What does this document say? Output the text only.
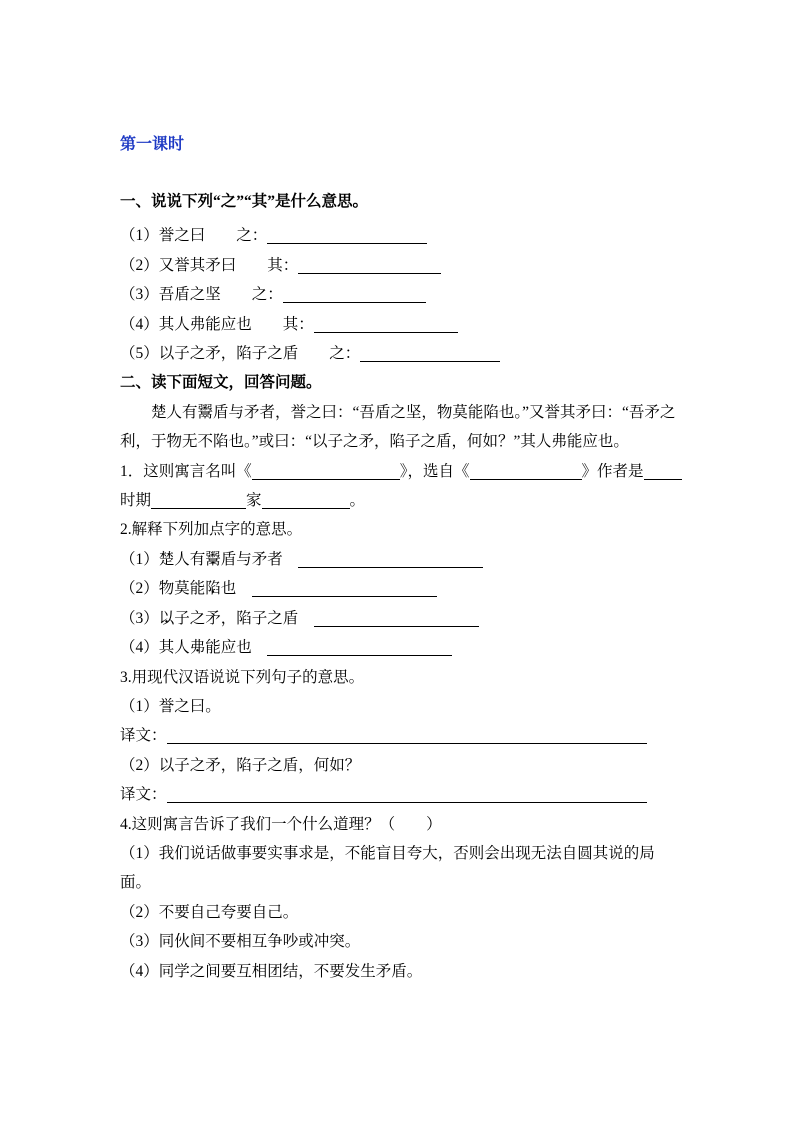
第一课时
一、说说下列“之”“其”是什么意思。
（1）誉之曰　　之：
（2）又誉其矛曰　　其：
（3）吾盾之坚　　之：
（4）其人弗能应也　　其：
（5）以子之矛，陷子之盾　　之：
二、读下面短文，回答问题。
楚人有鬻盾与矛者，誉之曰：“吾盾之坚，物莫能陷也。”又誉其矛曰：“吾矛之利，于物无不陷也。”或曰：“以子之矛，陷子之盾，何如？”其人弗能应也。
1．这则寓言名叫《	》，选自《	》作者是
时期	家	。
2.解释下列加点字的意思。
（1）楚人有鬻 ·盾与矛者　
（2）物莫能陷 ·也　
（3）以 ·子之矛，陷子之盾　
（4）其人弗 ·能应也　
3.用现代汉语说说下列句子的意思。
（1）誉之曰。
译文：
（2）以子之矛，陷子之盾，何如？
译文：
4.这则寓言告诉了我们一个什么道理？（　　）
（1）我们说话做事要实事求是，不能盲目夸大，否则会出现无法自圆其说的局面。
（2）不要自己夸要自己。
（3）同伙间不要相互争吵或冲突。
（4）同学之间要互相团结，不要发生矛盾。
